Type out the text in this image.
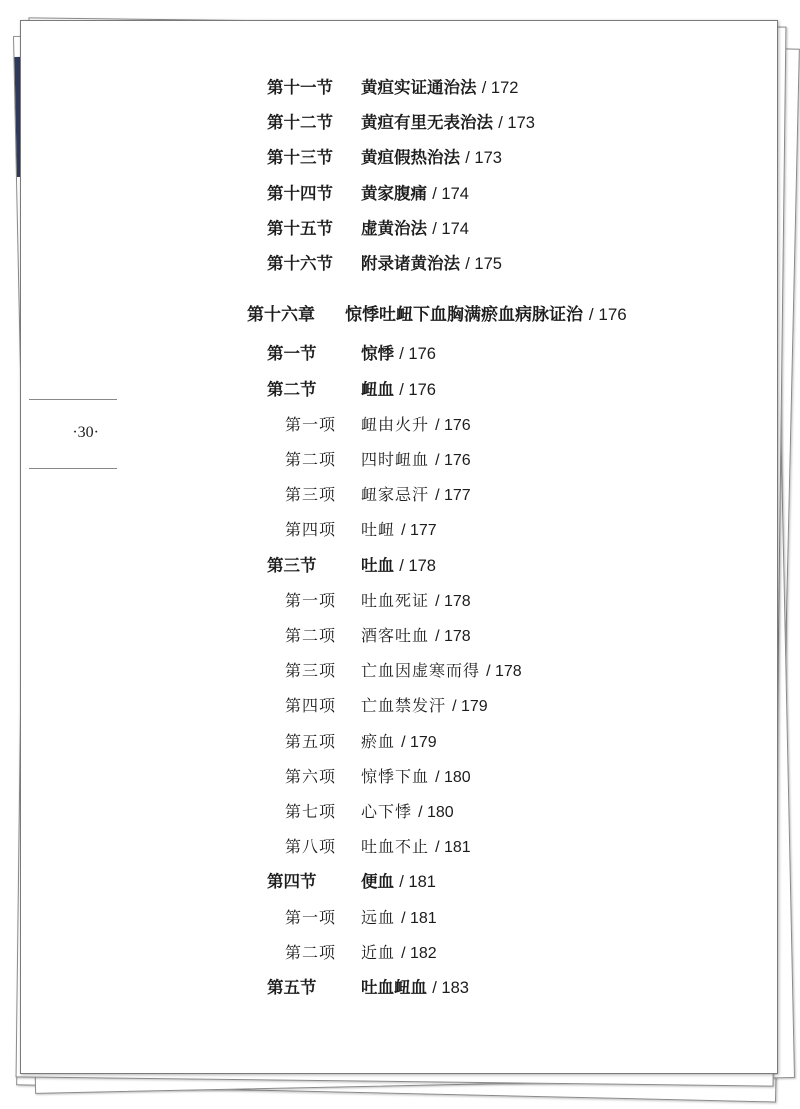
·30·
第十一节 黄疸实证通治法 / 172
第十二节 黄疸有里无表治法 / 173
第十三节 黄疸假热治法 / 173
第十四节 黄家腹痛 / 174
第十五节 虚黄治法 / 174
第十六节 附录诸黄治法 / 175
第十六章 惊悸吐衄下血胸满瘀血病脉证治 / 176
第一节	惊悸 / 176
第二节	衄血 / 176
第一项 衄由火升 / 176
第二项 四时衄血 / 176
第三项 衄家忌汗 / 177
第四项 吐衄 / 177
第三节	吐血 / 178
第一项 吐血死证 / 178
第二项 酒客吐血 / 178
第三项 亡血因虚寒而得 / 178
第四项 亡血禁发汗 / 179
第五项 瘀血 / 179
第六项 惊悸下血 / 180
第七项 心下悸 / 180
第八项 吐血不止 / 181
第四节	便血 / 181
第一项 远血 / 181
第二项 近血 / 182
第五节	吐血衄血 / 183
